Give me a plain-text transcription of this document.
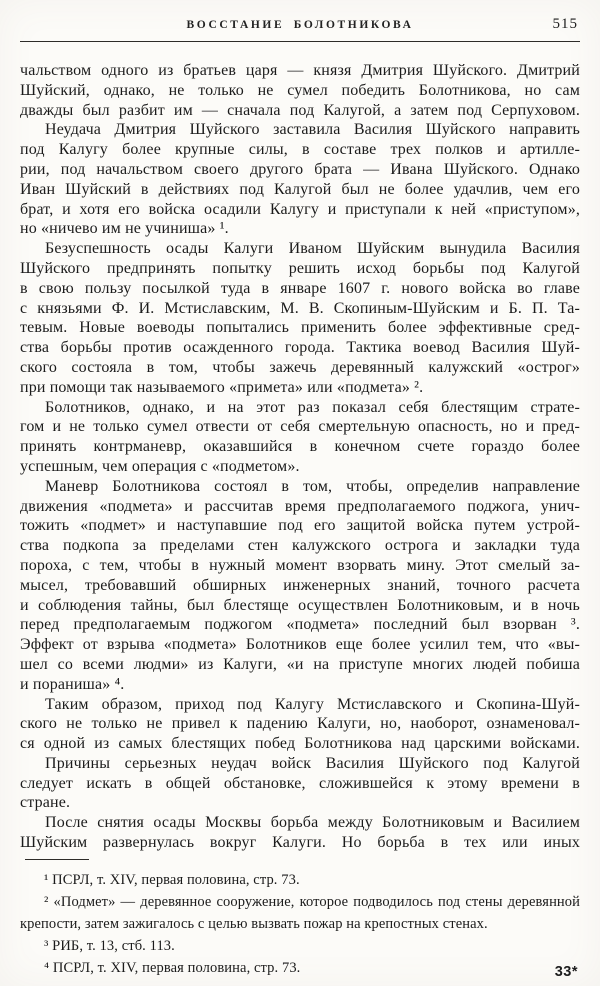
ВОССТАНИЕ БОЛОТНИКОВА	515
чальством одного из братьев царя — князя Дмитрия Шуйского. Дмитрий
Шуйский, однако, не только не сумел победить Болотникова, но сам
дважды был разбит им — сначала под Калугой, а затем под Серпуховом.
Неудача Дмитрия Шуйского заставила Василия Шуйского направить
под Калугу более крупные силы, в составе трех полков и артилле-
рии, под начальством своего другого брата — Ивана Шуйского. Однако
Иван Шуйский в действиях под Калугой был не более удачлив, чем его
брат, и хотя его войска осадили Калугу и приступали к ней «приступом»,
но «ничево им не учиниша» ¹.
Безуспешность осады Калуги Иваном Шуйским вынудила Василия
Шуйского предпринять попытку решить исход борьбы под Калугой
в свою пользу посылкой туда в январе 1607 г. нового войска во главе
с князьями Ф. И. Мстиславским, М. В. Скопиным-Шуйским и Б. П. Та-
тевым. Новые воеводы попытались применить более эффективные сред-
ства борьбы против осажденного города. Тактика воевод Василия Шуй-
ского состояла в том, чтобы зажечь деревянный калужский «острог»
при помощи так называемого «примета» или «подмета» ².
Болотников, однако, и на этот раз показал себя блестящим страте-
гом и не только сумел отвести от себя смертельную опасность, но и пред-
принять контрманевр, оказавшийся в конечном счете гораздо более
успешным, чем операция с «подметом».
Маневр Болотникова состоял в том, чтобы, определив направление
движения «подмета» и рассчитав время предполагаемого поджога, унич-
тожить «подмет» и наступавшие под его защитой войска путем устрой-
ства подкопа за пределами стен калужского острога и закладки туда
пороха, с тем, чтобы в нужный момент взорвать мину. Этот смелый за-
мысел, требовавший обширных инженерных знаний, точного расчета
и соблюдения тайны, был блестяще осуществлен Болотниковым, и в ночь
перед предполагаемым поджогом «подмета» последний был взорван ³.
Эффект от взрыва «подмета» Болотников еще более усилил тем, что «вы-
шел со всеми людми» из Калуги, «и на приступе многих людей побиша
и пораниша» ⁴.
Таким образом, приход под Калугу Мстиславского и Скопина-Шуй-
ского не только не привел к падению Калуги, но, наоборот, ознаменовал-
ся одной из самых блестящих побед Болотникова над царскими войсками.
Причины серьезных неудач войск Василия Шуйского под Калугой
следует искать в общей обстановке, сложившейся к этому времени в
стране.
После снятия осады Москвы борьба между Болотниковым и Василием
Шуйским развернулась вокруг Калуги. Но борьба в тех или иных
¹ ПСРЛ, т. XIV, первая половина, стр. 73.
² «Подмет» — деревянное сооружение, которое подводилось под стены деревянной
крепости, затем зажигалось с целью вызвать пожар на крепостных стенах.
³ РИБ, т. 13, стб. 113.
⁴ ПСРЛ, т. XIV, первая половина, стр. 73.	33*
